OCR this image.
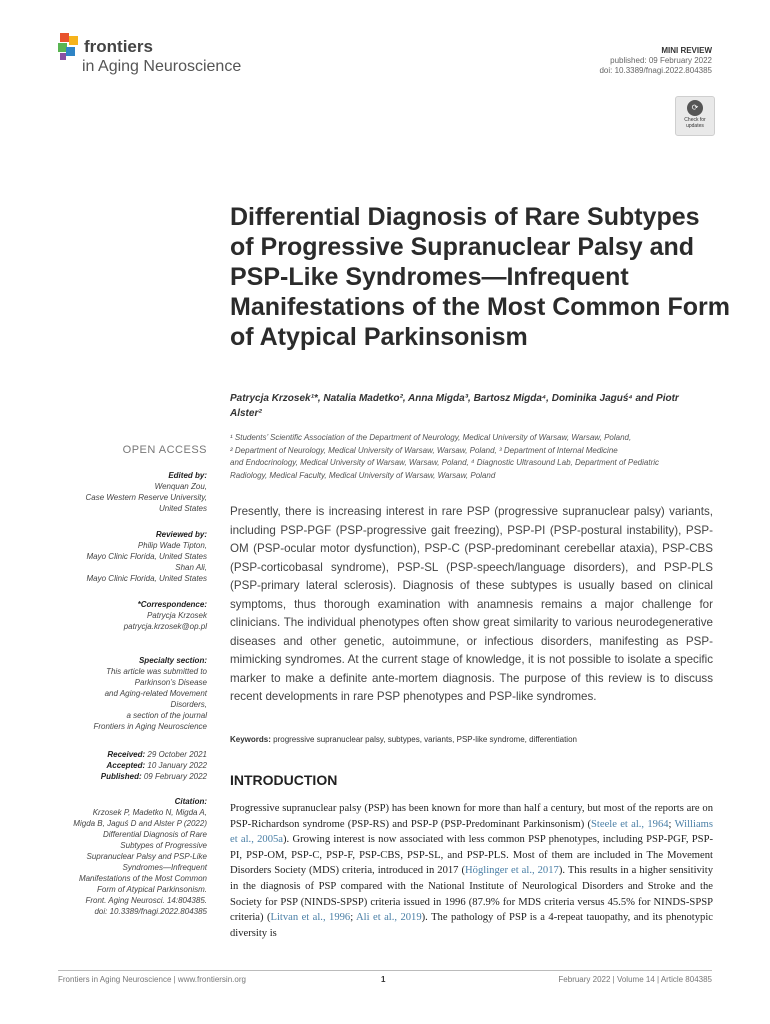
frontiers
in Aging Neuroscience
MINI REVIEW
published: 09 February 2022
doi: 10.3389/fnagi.2022.804385
⟳
Check for
updates
Differential Diagnosis of Rare Subtypes of Progressive Supranuclear Palsy and PSP-Like Syndromes—Infrequent Manifestations of the Most Common Form of Atypical Parkinsonism
Patrycja Krzosek¹*, Natalia Madetko², Anna Migda³, Bartosz Migda⁴, Dominika Jaguś⁴ and Piotr Alster²
OPEN ACCESS
Edited by:
Wenquan Zou,
Case Western Reserve University,
United States
Reviewed by:
Philip Wade Tipton,
Mayo Clinic Florida, United States
Shan Ali,
Mayo Clinic Florida, United States
*Correspondence:
Patrycja Krzosek
patrycja.krzosek@op.pl
Specialty section:
This article was submitted to
Parkinson’s Disease
and Aging-related Movement
Disorders,
a section of the journal
Frontiers in Aging Neuroscience
Received: 29 October 2021
Accepted: 10 January 2022
Published: 09 February 2022
Citation:
Krzosek P, Madetko N, Migda A,
Migda B, Jaguś D and Alster P (2022)
Differential Diagnosis of Rare
Subtypes of Progressive
Supranuclear Palsy and PSP-Like
Syndromes—Infrequent
Manifestations of the Most Common
Form of Atypical Parkinsonism.
Front. Aging Neurosci. 14:804385.
doi: 10.3389/fnagi.2022.804385
¹ Students’ Scientific Association of the Department of Neurology, Medical University of Warsaw, Warsaw, Poland,
² Department of Neurology, Medical University of Warsaw, Warsaw, Poland, ³ Department of Internal Medicine
and Endocrinology, Medical University of Warsaw, Warsaw, Poland, ⁴ Diagnostic Ultrasound Lab, Department of Pediatric
Radiology, Medical Faculty, Medical University of Warsaw, Warsaw, Poland

Presently, there is increasing interest in rare PSP (progressive supranuclear palsy) variants, including PSP-PGF (PSP-progressive gait freezing), PSP-PI (PSP-postural instability), PSP-OM (PSP-ocular motor dysfunction), PSP-C (PSP-predominant cerebellar ataxia), PSP-CBS (PSP-corticobasal syndrome), PSP-SL (PSP-speech/language disorders), and PSP-PLS (PSP-primary lateral sclerosis). Diagnosis of these subtypes is usually based on clinical symptoms, thus thorough examination with anamnesis remains a major challenge for clinicians. The individual phenotypes often show great similarity to various neurodegenerative diseases and other genetic, autoimmune, or infectious disorders, manifesting as PSP-mimicking syndromes. At the current stage of knowledge, it is not possible to isolate a specific marker to make a definite ante-mortem diagnosis. The purpose of this review is to discuss recent developments in rare PSP phenotypes and PSP-like syndromes.

Keywords: progressive supranuclear palsy, subtypes, variants, PSP-like syndrome, differentiation
INTRODUCTION

Progressive supranuclear palsy (PSP) has been known for more than half a century, but most of the reports are on PSP-Richardson syndrome (PSP-RS) and PSP-P (PSP-Predominant Parkinsonism) (Steele et al., 1964; Williams et al., 2005a). Growing interest is now associated with less common PSP phenotypes, including PSP-PGF, PSP-PI, PSP-OM, PSP-C, PSP-F, PSP-CBS, PSP-SL, and PSP-PLS. Most of them are included in The Movement Disorders Society (MDS) criteria, introduced in 2017 (Höglinger et al., 2017). This results in a higher sensitivity in the diagnosis of PSP compared with the National Institute of Neurological Disorders and Stroke and the Society for PSP (NINDS-SPSP) criteria issued in 1996 (87.9% for MDS criteria versus 45.5% for NINDS-SPSP criteria) (Litvan et al., 1996; Ali et al., 2019). The pathology of PSP is a 4-repeat tauopathy, and its phenotypic diversity is

Frontiers in Aging Neuroscience | www.frontiersin.org	1	February 2022 | Volume 14 | Article 804385
